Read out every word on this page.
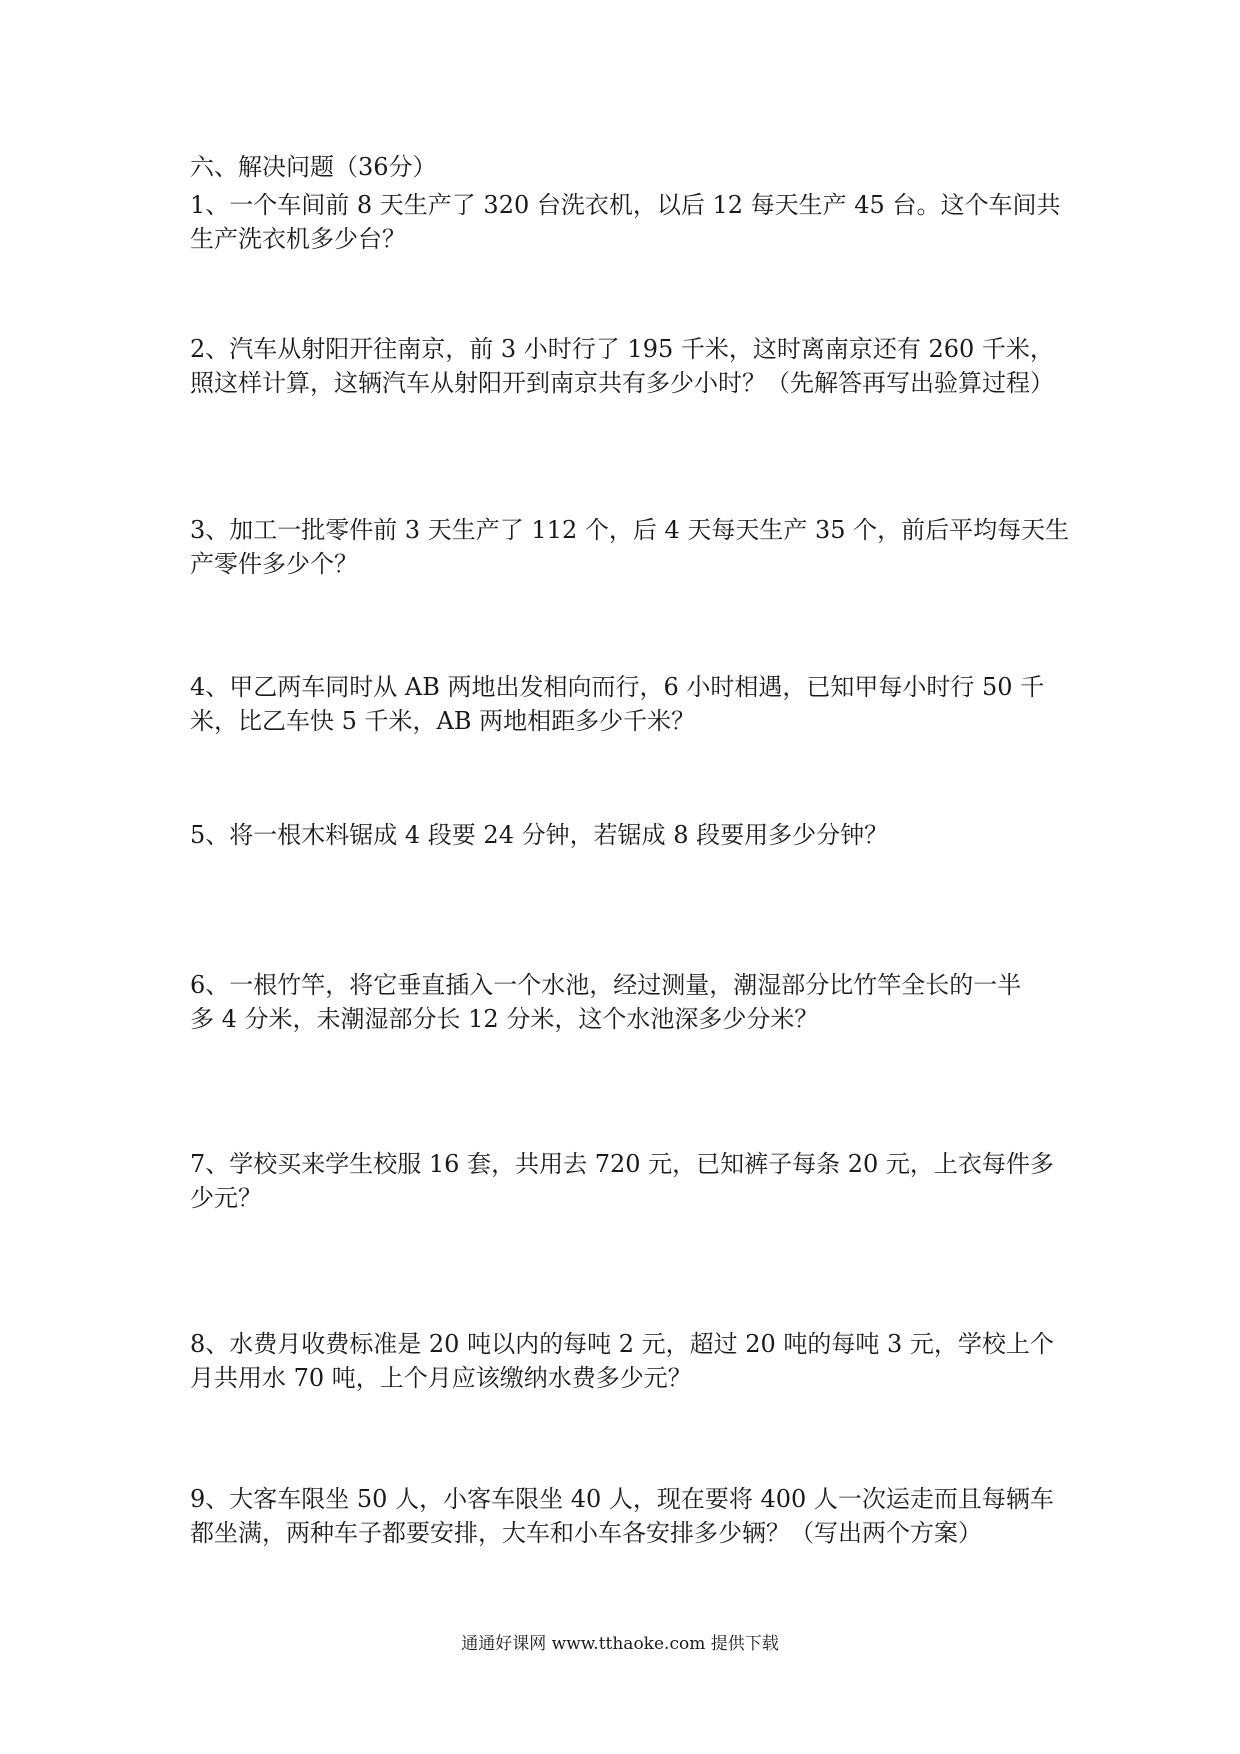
六、解决问题（36分）
1、一个车间前 8 天生产了 320 台洗衣机，以后 12 每天生产 45 台。这个车间共
生产洗衣机多少台？
2、汽车从射阳开往南京，前 3 小时行了 195 千米，这时离南京还有 260 千米，
照这样计算，这辆汽车从射阳开到南京共有多少小时？（先解答再写出验算过程）
3、加工一批零件前 3 天生产了 112 个，后 4 天每天生产 35 个，前后平均每天生
产零件多少个？
4、甲乙两车同时从 AB 两地出发相向而行，6 小时相遇，已知甲每小时行 50 千
米，比乙车快 5 千米，AB 两地相距多少千米？
5、将一根木料锯成 4 段要 24 分钟，若锯成 8 段要用多少分钟？
6、一根竹竿，将它垂直插入一个水池，经过测量，潮湿部分比竹竿全长的一半
多 4 分米，未潮湿部分长 12 分米，这个水池深多少分米？
7、学校买来学生校服 16 套，共用去 720 元，已知裤子每条 20 元，上衣每件多
少元？
8、水费月收费标准是 20 吨以内的每吨 2 元，超过 20 吨的每吨 3 元，学校上个
月共用水 70 吨，上个月应该缴纳水费多少元？
9、大客车限坐 50 人，小客车限坐 40 人，现在要将 400 人一次运走而且每辆车
都坐满，两种车子都要安排，大车和小车各安排多少辆？（写出两个方案）
通通好课网 www.tthaoke.com 提供下载
